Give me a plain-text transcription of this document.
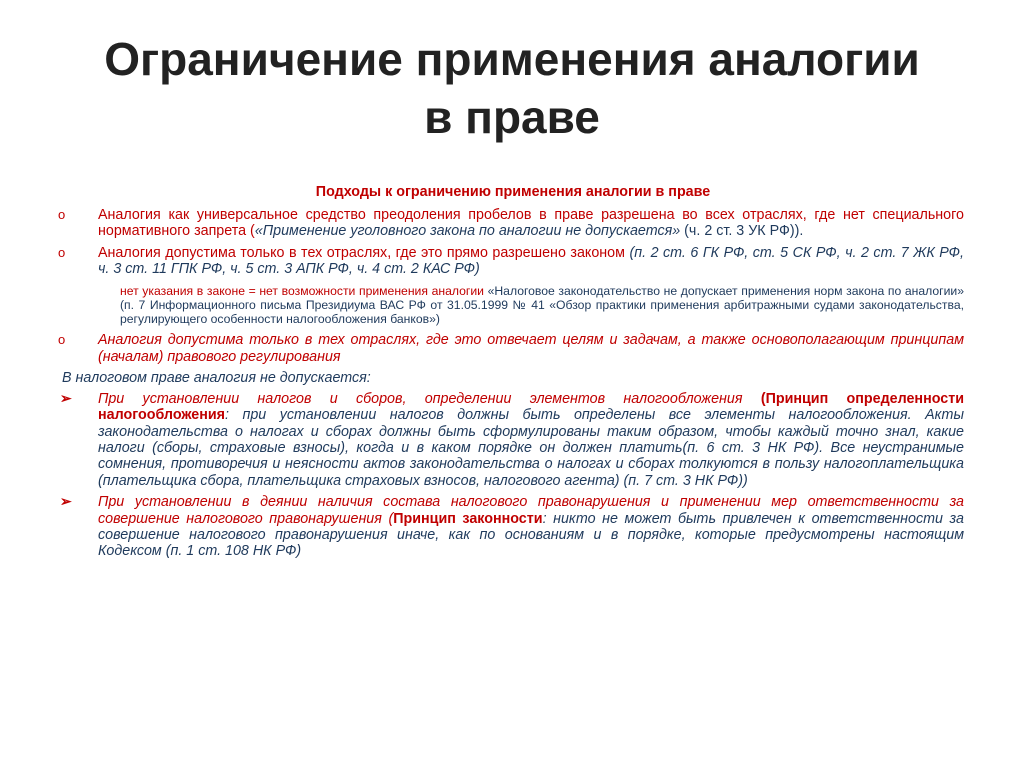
Ограничение применения аналогии
в праве
Подходы к ограничению применения аналогии в праве
o Аналогия как универсальное средство преодоления пробелов в праве разрешена во всех отраслях, где нет специального нормативного запрета («Применение уголовного закона по аналогии не допускается» (ч. 2 ст. 3 УК РФ)).
o Аналогия допустима только в тех отраслях, где это прямо разрешено законом (п. 2 ст. 6 ГК РФ, ст. 5 СК РФ, ч. 2 ст. 7 ЖК РФ, ч. 3 ст. 11 ГПК РФ, ч. 5 ст. 3 АПК РФ, ч. 4 ст. 2 КАС РФ)
нет указания в законе = нет возможности применения аналогии «Налоговое законодательство не допускает применения норм закона по аналогии» (п. 7 Информационного письма Президиума ВАС РФ от 31.05.1999 № 41 «Обзор практики применения арбитражными судами законодательства, регулирующего особенности налогообложения банков»)
o Аналогия допустима только в тех отраслях, где это отвечает целям и задачам, а также основополагающим принципам (началам) правового регулирования
В налоговом праве аналогия не допускается:
➢ При установлении налогов и сборов, определении элементов налогообложения (Принцип определенности налогообложения: при установлении налогов должны быть определены все элементы налогообложения. Акты законодательства о налогах и сборах должны быть сформулированы таким образом, чтобы каждый точно знал, какие налоги (сборы, страховые взносы), когда и в каком порядке он должен платить(п. 6 ст. 3 НК РФ). Все неустранимые сомнения, противоречия и неясности актов законодательства о налогах и сборах толкуются в пользу налогоплательщика (плательщика сбора, плательщика страховых взносов, налогового агента) (п. 7 ст. 3 НК РФ))
➢ При установлении в деянии наличия состава налогового правонарушения и применении мер ответственности за совершение налогового правонарушения (Принцип законности: никто не может быть привлечен к ответственности за совершение налогового правонарушения иначе, как по основаниям и в порядке, которые предусмотрены настоящим Кодексом (п. 1 ст. 108 НК РФ)
